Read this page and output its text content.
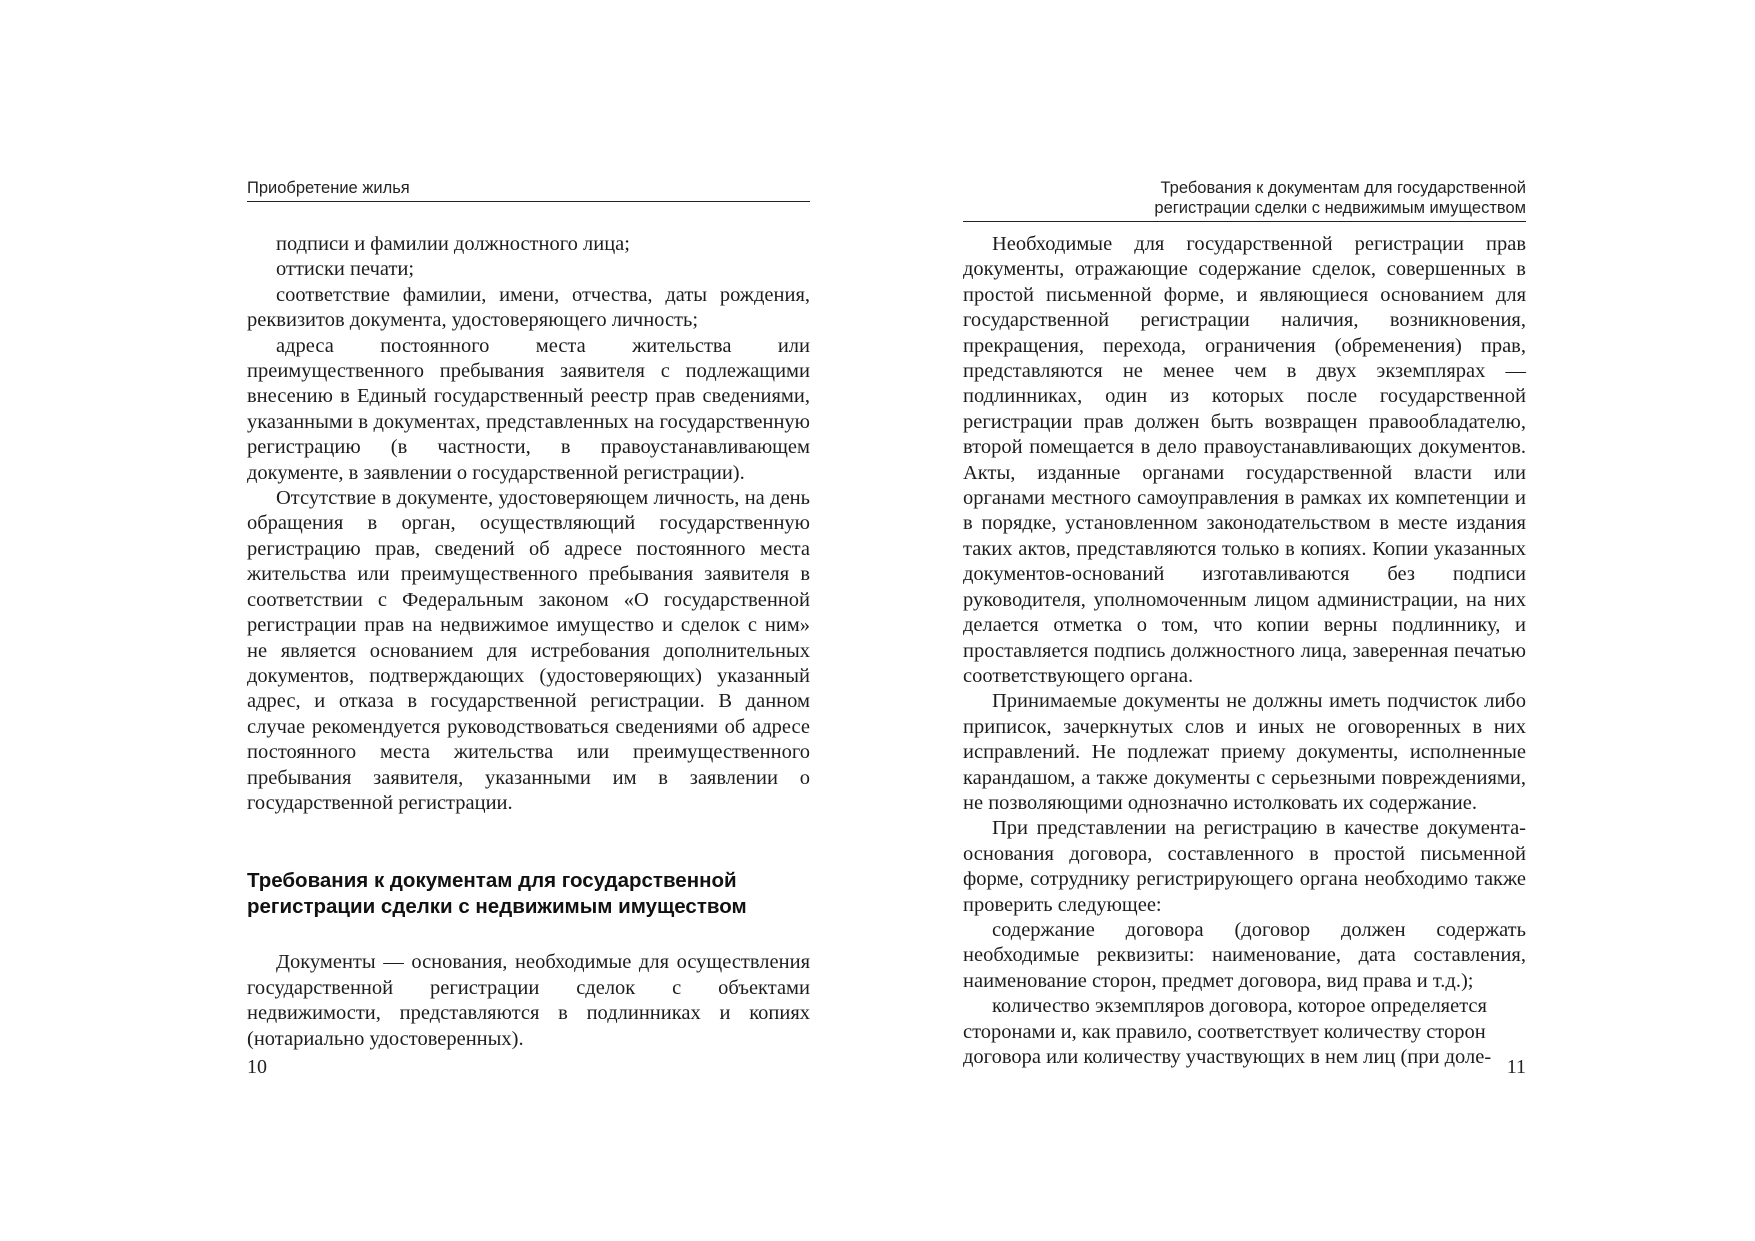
Приобретение жилья

подписи и фамилии должностного лица;

оттиски печати;

соответствие фамилии, имени, отчества, даты рождения, реквизитов документа, удостоверяющего личность;

адреса постоянного места жительства или преимущественного пребывания заявителя с подлежащими внесению в Единый государственный реестр прав сведениями, указанными в документах, представленных на государственную регистрацию (в частности, в правоустанавливающем документе, в заявлении о государственной регистрации).

Отсутствие в документе, удостоверяющем личность, на день обращения в орган, осуществляющий государственную регистрацию прав, сведений об адресе постоянного места жительства или преимущественного пребывания заявителя в соответствии с Федеральным законом «О государственной регистрации прав на недвижимое имущество и сделок с ним» не является основанием для истребования дополнительных документов, подтверждающих (удостоверяющих) указанный адрес, и отказа в государственной регистрации. В данном случае рекомендуется руководствоваться сведениями об адресе постоянного места жительства или преимущественного пребывания заявителя, указанными им в заявлении о государственной регистрации.

Требования к документам для государственной
регистрации сделки с недвижимым имуществом

Документы — основания, необходимые для осуществления государственной регистрации сделок с объектами недвижимости, представляются в подлинниках и копиях (нотариально удостоверенных).

10
Требования к документам для государственной
регистрации сделки с недвижимым имуществом

Необходимые для государственной регистрации прав документы, отражающие содержание сделок, совершенных в простой письменной форме, и являющиеся основанием для государственной регистрации наличия, возникновения, прекращения, перехода, ограничения (обременения) прав, представляются не менее чем в двух экземплярах — подлинниках, один из которых после государственной регистрации прав должен быть возвращен правообладателю, второй помещается в дело правоустанавливающих документов. Акты, изданные органами государственной власти или органами местного самоуправления в рамках их компетенции и в порядке, установленном законодательством в месте издания таких актов, представляются только в копиях. Копии указанных документов-оснований изготавливаются без подписи руководителя, уполномоченным лицом администрации, на них делается отметка о том, что копии верны подлиннику, и проставляется подпись должностного лица, заверенная печатью соответствующего органа.

Принимаемые документы не должны иметь подчисток либо приписок, зачеркнутых слов и иных не оговоренных в них исправлений. Не подлежат приему документы, исполненные карандашом, а также документы с серьезными повреждениями, не позволяющими однозначно истолковать их содержание.

При представлении на регистрацию в качестве документа-основания договора, составленного в простой письменной форме, сотруднику регистрирующего органа необходимо также проверить следующее:

содержание договора (договор должен содержать необходимые реквизиты: наименование, дата составления, наименование сторон, предмет договора, вид права и т.д.);

количество экземпляров договора, которое определяется сторонами и, как правило, соответствует количеству сторон договора или количеству участвующих в нем лиц (при доле- 11
